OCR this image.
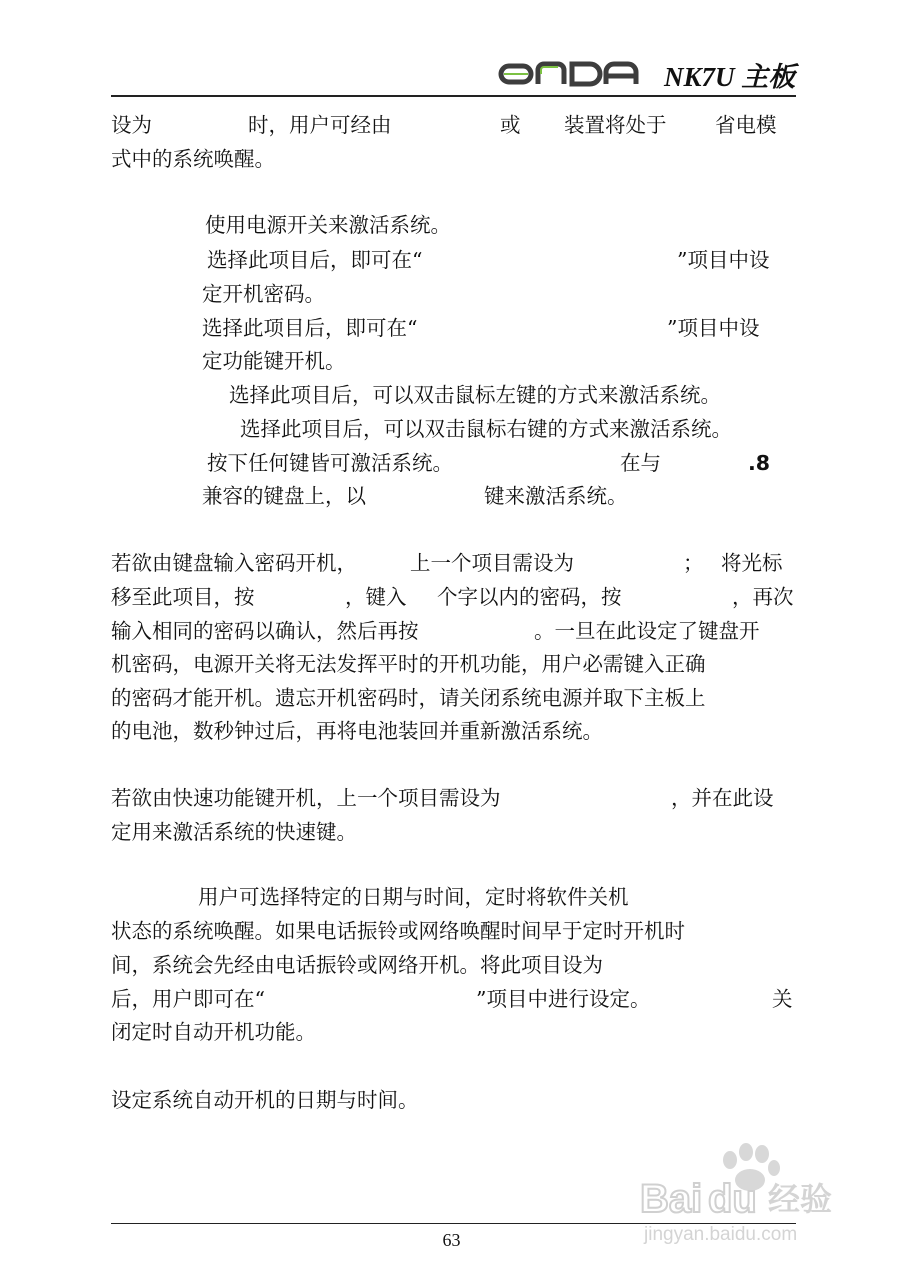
NK7U 主板
设为	时，用户可经由	或 装置将处于 省电模
式中的系统唤醒。
使用电源开关来激活系统。
选择此项目后，即可在“	”项目中设
定开机密码。
选择此项目后，即可在“	”项目中设
定功能键开机。
选择此项目后，可以双击鼠标左键的方式来激活系统。
选择此项目后，可以双击鼠标右键的方式来激活系统。
按下任何键皆可激活系统。	在与	.8
兼容的键盘上，以	键来激活系统。
若欲由键盘输入密码开机，	上一个项目需设为	； 将光标
移至此项目，按	，键入 个字以内的密码，按	，再次
输入相同的密码以确认，然后再按	。一旦在此设定了键盘开
机密码，电源开关将无法发挥平时的开机功能，用户必需键入正确
的密码才能开机。遗忘开机密码时，请关闭系统电源并取下主板上
的电池，数秒钟过后，再将电池装回并重新激活系统。
若欲由快速功能键开机，上一个项目需设为	，并在此设
定用来激活系统的快速键。
用户可选择特定的日期与时间，定时将软件关机
状态的系统唤醒。如果电话振铃或网络唤醒时间早于定时开机时
间，系统会先经由电话振铃或网络开机。将此项目设为
后，用户即可在“	”项目中进行设定。	关
闭定时自动开机功能。
设定系统自动开机的日期与时间。
63
Bai du 经验
jingyan.baidu.com
